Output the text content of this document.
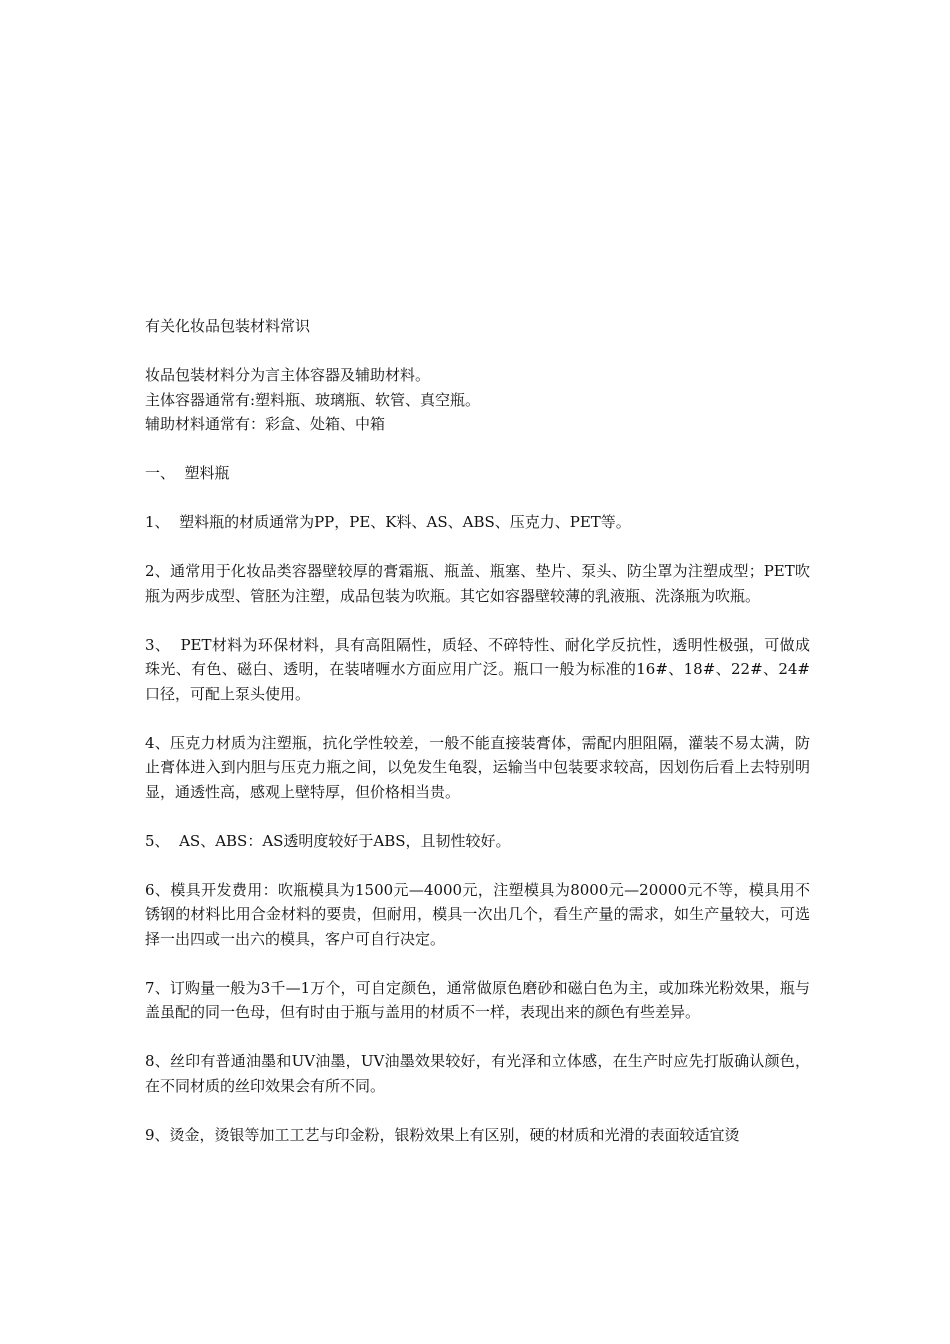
有关化妆品包装材料常识

妆品包装材料分为言主体容器及辅助材料。

主体容器通常有:塑料瓶、玻璃瓶、软管、真空瓶。

辅助材料通常有：彩盒、处箱、中箱

一、  塑料瓶

1、  塑料瓶的材质通常为PP，PE、K料、AS、ABS、压克力、PET等。

2、通常用于化妆品类容器壁较厚的膏霜瓶、瓶盖、瓶塞、垫片、泵头、防尘罩为注塑成型；PET吹瓶为两步成型、管胚为注塑，成品包装为吹瓶。其它如容器壁较薄的乳液瓶、洗涤瓶为吹瓶。

3、  PET材料为环保材料，具有高阻隔性，质轻、不碎特性、耐化学反抗性，透明性极强，可做成珠光、有色、磁白、透明，在装啫喱水方面应用广泛。瓶口一般为标准的16#、18#、22#、24#口径，可配上泵头使用。

4、压克力材质为注塑瓶，抗化学性较差，一般不能直接装膏体，需配内胆阻隔，灌装不易太满，防止膏体进入到内胆与压克力瓶之间，以免发生龟裂，运输当中包装要求较高，因划伤后看上去特别明显，通透性高，感观上壁特厚，但价格相当贵。

5、  AS、ABS：AS透明度较好于ABS，且韧性较好。

6、模具开发费用：吹瓶模具为1500元—4000元，注塑模具为8000元—20000元不等，模具用不锈钢的材料比用合金材料的要贵，但耐用，模具一次出几个，看生产量的需求，如生产量较大，可选择一出四或一出六的模具，客户可自行决定。

7、订购量一般为3千—1万个，可自定颜色，通常做原色磨砂和磁白色为主，或加珠光粉效果，瓶与盖虽配的同一色母，但有时由于瓶与盖用的材质不一样，表现出来的颜色有些差异。

8、丝印有普通油墨和UV油墨，UV油墨效果较好，有光泽和立体感，在生产时应先打版确认颜色，在不同材质的丝印效果会有所不同。

9、烫金，烫银等加工工艺与印金粉，银粉效果上有区别，硬的材质和光滑的表面较适宜烫
